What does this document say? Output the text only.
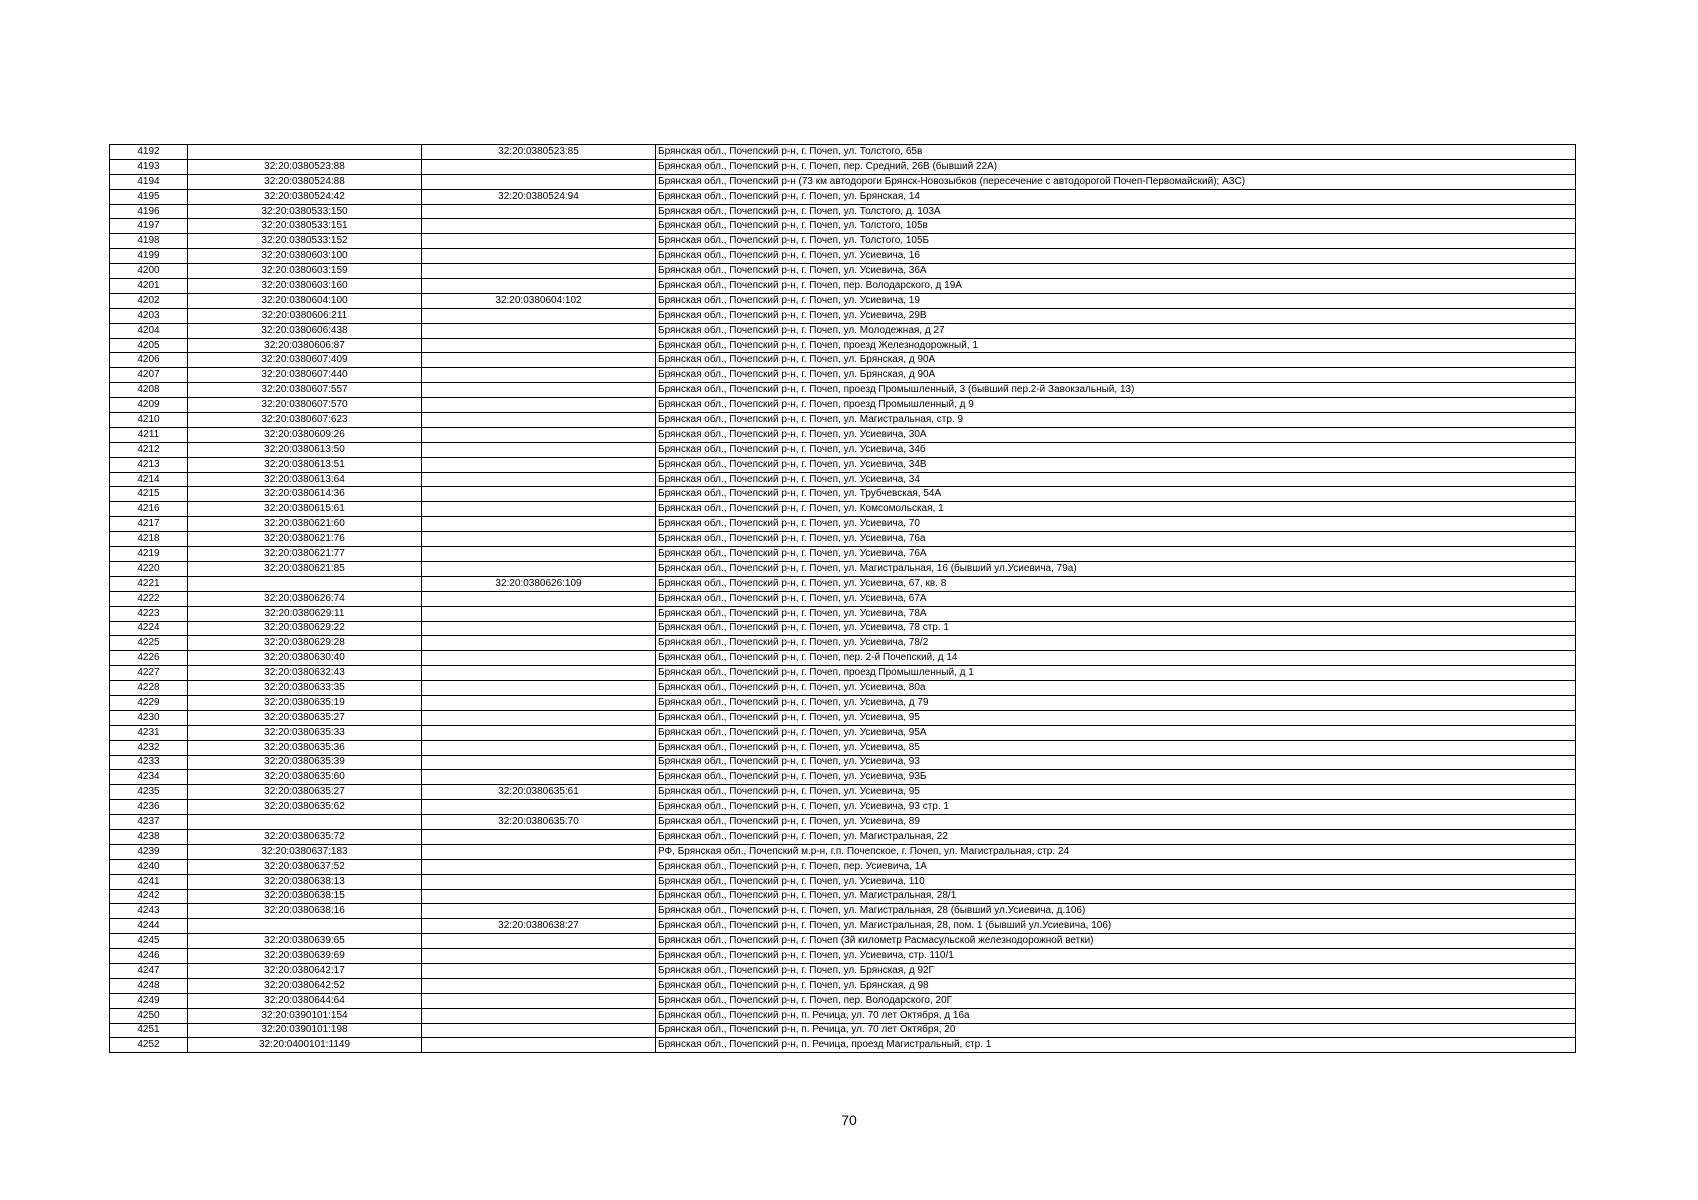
4192		32:20:0380523:85	Брянская обл., Почепский р-н, г. Почеп, ул. Толстого, 65в
4193	32:20:0380523:88		Брянская обл., Почепский р-н, г. Почеп, пер. Средний, 26В (бывший 22А)
4194	32:20:0380524:88		Брянская обл., Почепский р-н (73 км автодороги Брянск-Новозыбков (пересечение с автодорогой Почеп-Первомайский); АЗС)
4195	32:20:0380524:42	32:20:0380524:94	Брянская обл., Почепский р-н, г. Почеп, ул. Брянская, 14
4196	32:20:0380533:150		Брянская обл., Почепский р-н, г. Почеп, ул. Толстого, д. 103А
4197	32:20:0380533:151		Брянская обл., Почепский р-н, г. Почеп, ул. Толстого, 105в
4198	32:20:0380533:152		Брянская обл., Почепский р-н, г. Почеп, ул. Толстого, 105Б
4199	32:20:0380603:100		Брянская обл., Почепский р-н, г. Почеп, ул. Усиевича, 16
4200	32:20:0380603:159		Брянская обл., Почепский р-н, г. Почеп, ул. Усиевича, 36А
4201	32:20:0380603:160		Брянская обл., Почепский р-н, г. Почеп, пер. Володарского, д 19А
4202	32:20:0380604:100	32:20:0380604:102	Брянская обл., Почепский р-н, г. Почеп, ул. Усиевича, 19
4203	32:20:0380606:211		Брянская обл., Почепский р-н, г. Почеп, ул. Усиевича, 29В
4204	32:20:0380606:438		Брянская обл., Почепский р-н, г. Почеп, ул. Молодежная, д 27
4205	32:20:0380606:87		Брянская обл., Почепский р-н, г. Почеп, проезд Железнодорожный, 1
4206	32:20:0380607:409		Брянская обл., Почепский р-н, г. Почеп, ул. Брянская, д 90А
4207	32:20:0380607:440		Брянская обл., Почепский р-н, г. Почеп, ул. Брянская, д 90А
4208	32:20:0380607:557		Брянская обл., Почепский р-н, г. Почеп, проезд Промышленный, 3 (бывший пер.2-й Завокзальный, 13)
4209	32:20:0380607:570		Брянская обл., Почепский р-н, г. Почеп, проезд Промышленный, д 9
4210	32:20:0380607:623		Брянская обл., Почепский р-н, г. Почеп, ул. Магистральная, стр. 9
4211	32:20:0380609:26		Брянская обл., Почепский р-н, г. Почеп, ул. Усиевича, 30А
4212	32:20:0380613:50		Брянская обл., Почепский р-н, г. Почеп, ул. Усиевича, 34б
4213	32:20:0380613:51		Брянская обл., Почепский р-н, г. Почеп, ул. Усиевича, 34В
4214	32:20:0380613:64		Брянская обл., Почепский р-н, г. Почеп, ул. Усиевича, 34
4215	32:20:0380614:36		Брянская обл., Почепский р-н, г. Почеп, ул. Трубчевская, 54А
4216	32:20:0380615:61		Брянская обл., Почепский р-н, г. Почеп, ул. Комсомольская, 1
4217	32:20:0380621:60		Брянская обл., Почепский р-н, г. Почеп, ул. Усиевича, 70
4218	32:20:0380621:76		Брянская обл., Почепский р-н, г. Почеп, ул. Усиевича, 76а
4219	32:20:0380621:77		Брянская обл., Почепский р-н, г. Почеп, ул. Усиевича, 76А
4220	32:20:0380621:85		Брянская обл., Почепский р-н, г. Почеп, ул. Магистральная, 16 (бывший ул.Усиевича, 79а)
4221		32:20:0380626:109	Брянская обл., Почепский р-н, г. Почеп, ул. Усиевича, 67, кв. 8
4222	32:20:0380626:74		Брянская обл., Почепский р-н, г. Почеп, ул. Усиевича, 67А
4223	32:20:0380629:11		Брянская обл., Почепский р-н, г. Почеп, ул. Усиевича, 78А
4224	32:20:0380629:22		Брянская обл., Почепский р-н, г. Почеп, ул. Усиевича, 78 стр. 1
4225	32:20:0380629:28		Брянская обл., Почепский р-н, г. Почеп, ул. Усиевича, 78/2
4226	32:20:0380630:40		Брянская обл., Почепский р-н, г. Почеп, пер. 2-й Почепский, д 14
4227	32:20:0380632:43		Брянская обл., Почепский р-н, г. Почеп, проезд Промышленный, д 1
4228	32:20:0380633:35		Брянская обл., Почепский р-н, г. Почеп, ул. Усиевича, 80а
4229	32:20:0380635:19		Брянская обл., Почепский р-н, г. Почеп, ул. Усиевича, д 79
4230	32:20:0380635:27		Брянская обл., Почепский р-н, г. Почеп, ул. Усиевича, 95
4231	32:20:0380635:33		Брянская обл., Почепский р-н, г. Почеп, ул. Усиевича, 95А
4232	32:20:0380635:36		Брянская обл., Почепский р-н, г. Почеп, ул. Усиевича, 85
4233	32:20:0380635:39		Брянская обл., Почепский р-н, г. Почеп, ул. Усиевича, 93
4234	32:20:0380635:60		Брянская обл., Почепский р-н, г. Почеп, ул. Усиевича, 93Б
4235	32:20:0380635:27	32:20:0380635:61	Брянская обл., Почепский р-н, г. Почеп, ул. Усиевича, 95
4236	32:20:0380635:62		Брянская обл., Почепский р-н, г. Почеп, ул. Усиевича, 93 стр. 1
4237		32:20:0380635:70	Брянская обл., Почепский р-н, г. Почеп, ул. Усиевича, 89
4238	32:20:0380635:72		Брянская обл., Почепский р-н, г. Почеп, ул. Магистральная, 22
4239	32:20:0380637:183		РФ, Брянская обл., Почепский м.р-н, г.п. Почепское, г. Почеп, ул. Магистральная, стр. 24
4240	32:20:0380637:52		Брянская обл., Почепский р-н, г. Почеп, пер. Усиевича, 1А
4241	32:20:0380638:13		Брянская обл., Почепский р-н, г. Почеп, ул. Усиевича, 110
4242	32:20:0380638:15		Брянская обл., Почепский р-н, г. Почеп, ул. Магистральная, 28/1
4243	32:20:0380638:16		Брянская обл., Почепский р-н, г. Почеп, ул. Магистральная, 28 (бывший ул.Усиевича, д.106)
4244		32:20:0380638:27	Брянская обл., Почепский р-н, г. Почеп, ул. Магистральная, 28, пом. 1 (бывший ул.Усиевича, 106)
4245	32:20:0380639:65		Брянская обл., Почепский р-н, г. Почеп (3й километр Расмасульской железнодорожной ветки)
4246	32:20:0380639:69		Брянская обл., Почепский р-н, г. Почеп, ул. Усиевича, стр. 110/1
4247	32:20:0380642:17		Брянская обл., Почепский р-н, г. Почеп, ул. Брянская, д 92Г
4248	32:20:0380642:52		Брянская обл., Почепский р-н, г. Почеп, ул. Брянская, д 98
4249	32:20:0380644:64		Брянская обл., Почепский р-н, г. Почеп, пер. Володарского, 20Г
4250	32:20:0390101:154		Брянская обл., Почепский р-н, п. Речица, ул. 70 лет Октября, д 16а
4251	32:20:0390101:198		Брянская обл., Почепский р-н, п. Речица, ул. 70 лет Октября, 20
4252	32:20:0400101:1149		Брянская обл., Почепский р-н, п. Речица, проезд Магистральный, стр. 1
70
